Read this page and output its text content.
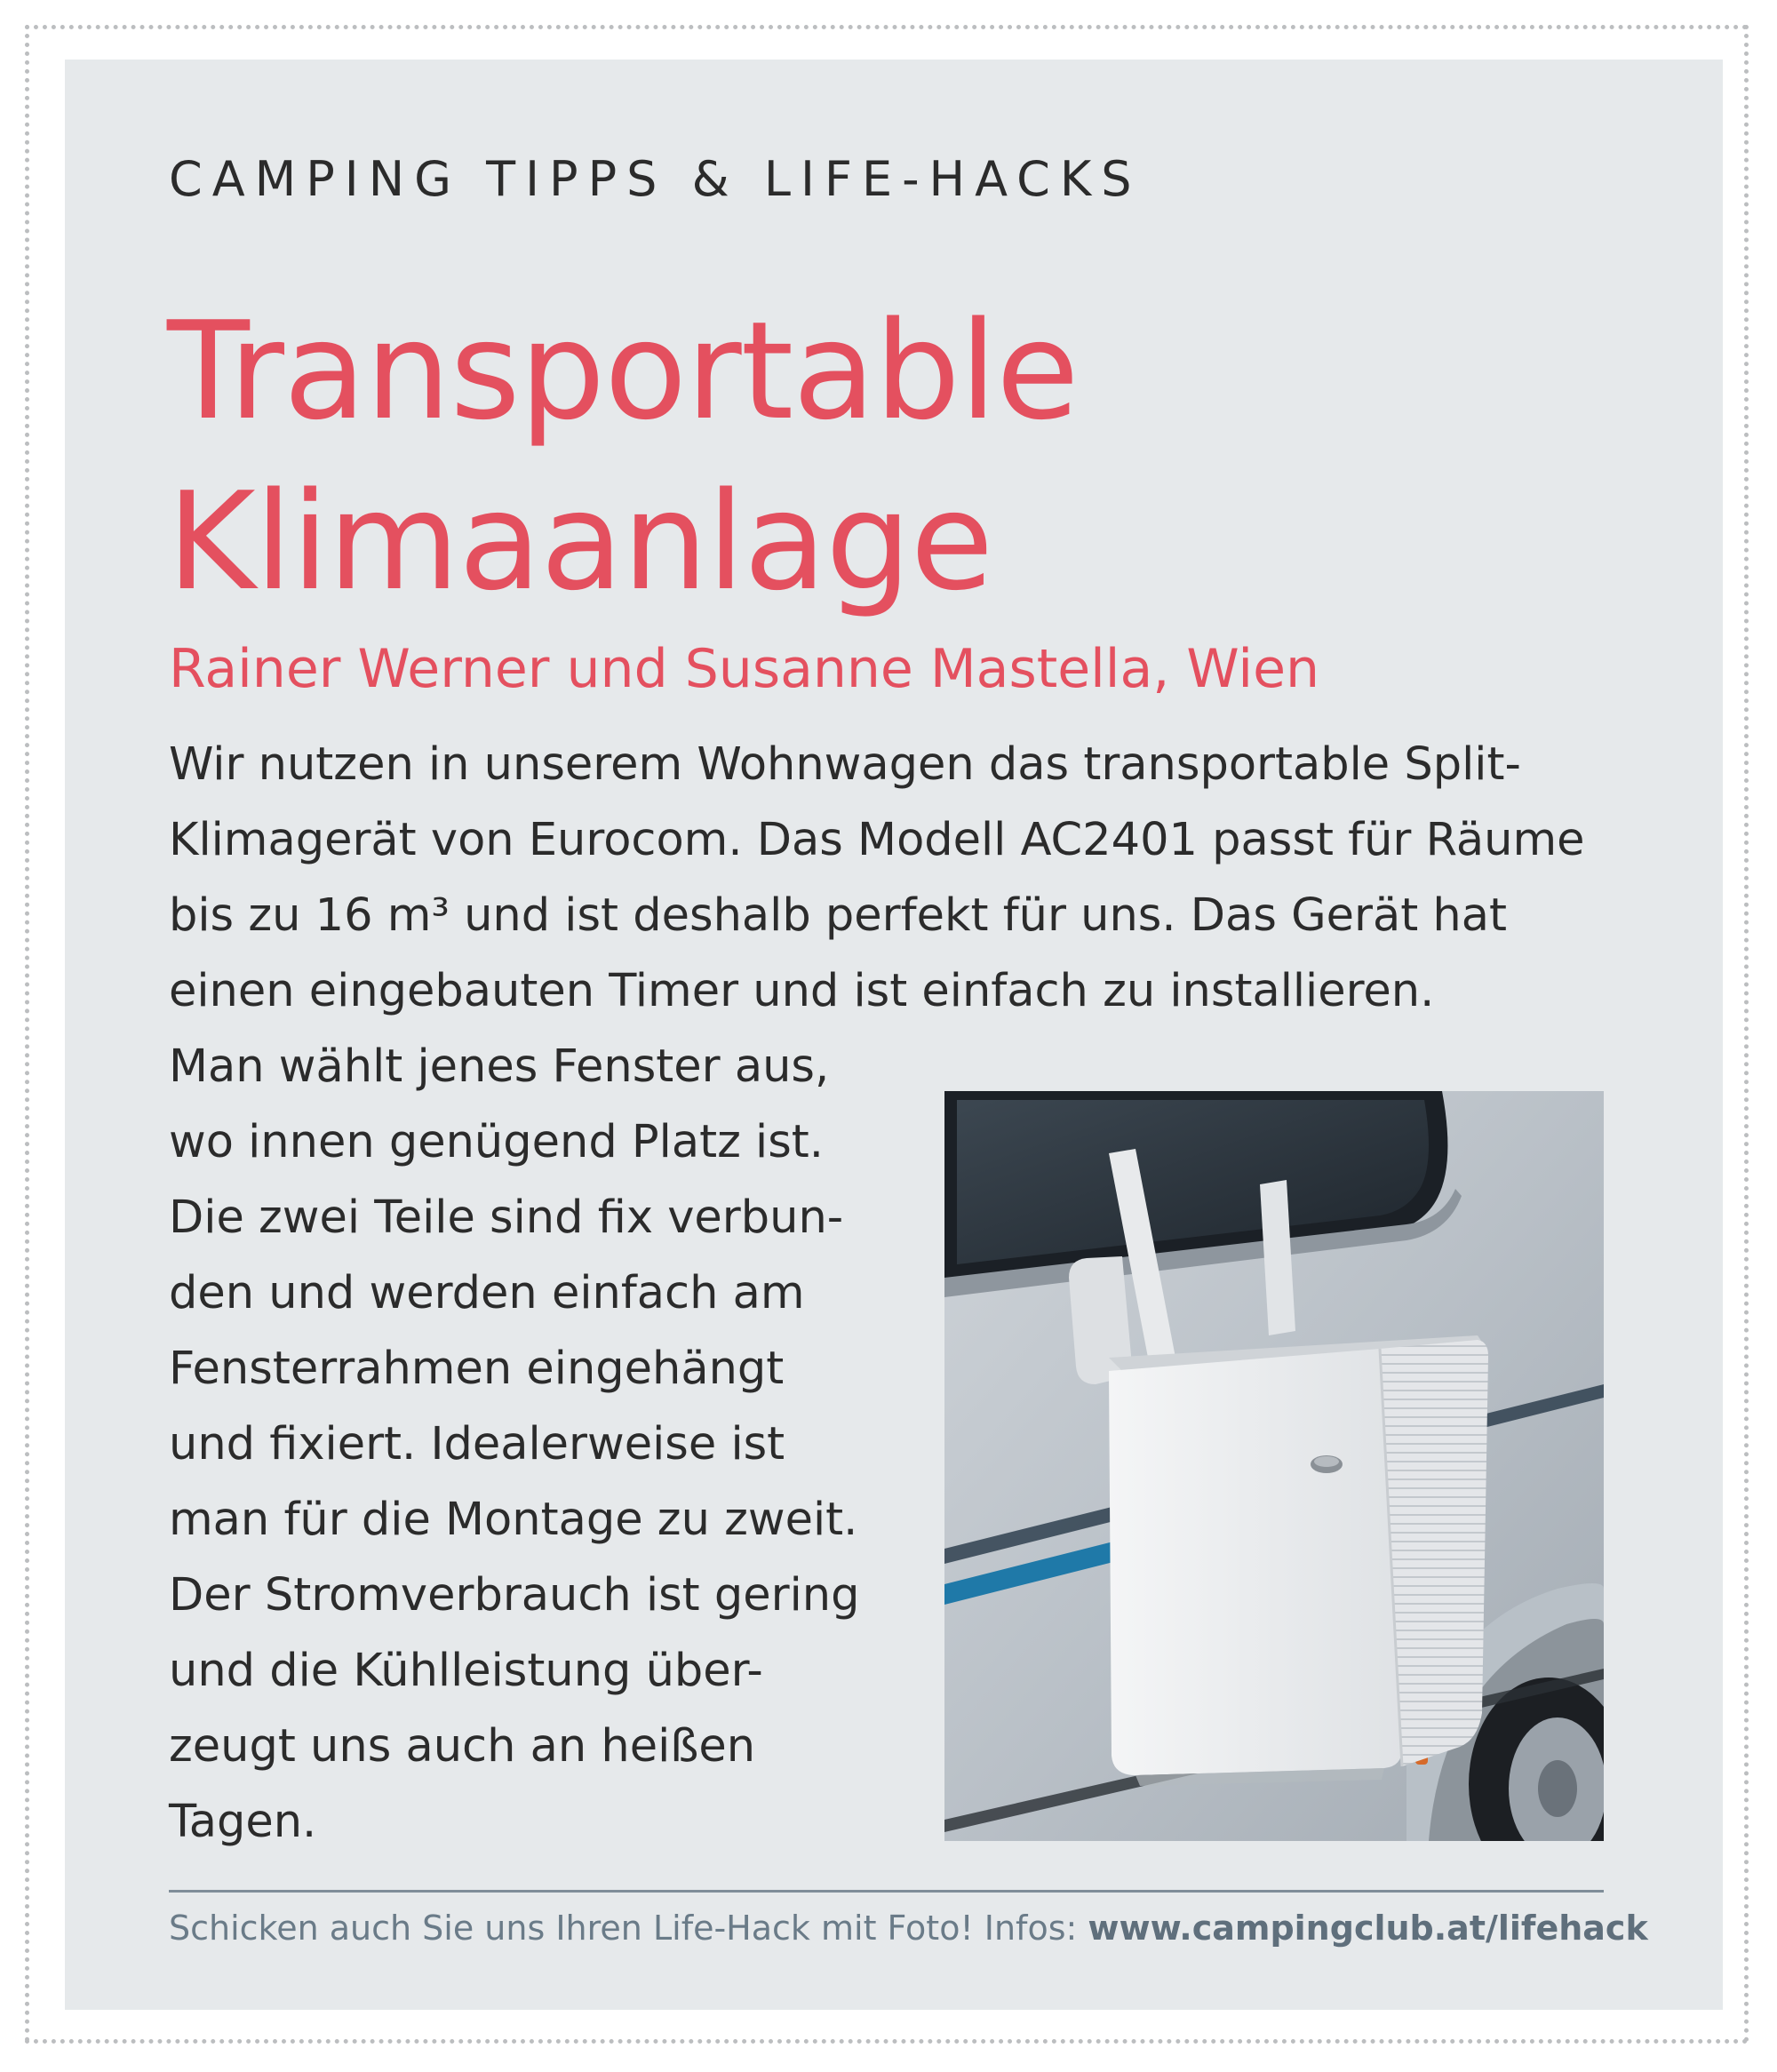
CAMPING TIPPS & LIFE-HACKS
Transportable
Klimaanlage
Rainer Werner und Susanne Mastella, Wien

Wir nutzen in unserem Wohnwagen das transportable Split-
Klimagerät von Eurocom. Das Modell AC2401 passt für Räume
bis zu 16 m³ und ist deshalb perfekt für uns. Das Gerät hat
einen eingebauten Timer und ist einfach zu installieren.

Man wählt jenes Fenster aus,
wo innen genügend Platz ist.
Die zwei Teile sind fix verbun-
den und werden einfach am
Fensterrahmen eingehängt
und fixiert. Idealerweise ist
man für die Montage zu zweit.
Der Stromverbrauch ist gering
und die Kühlleistung über-
zeugt uns auch an heißen
Tagen.

Schicken auch Sie uns Ihren Life-Hack mit Foto! Infos: www.campingclub.at/lifehack
